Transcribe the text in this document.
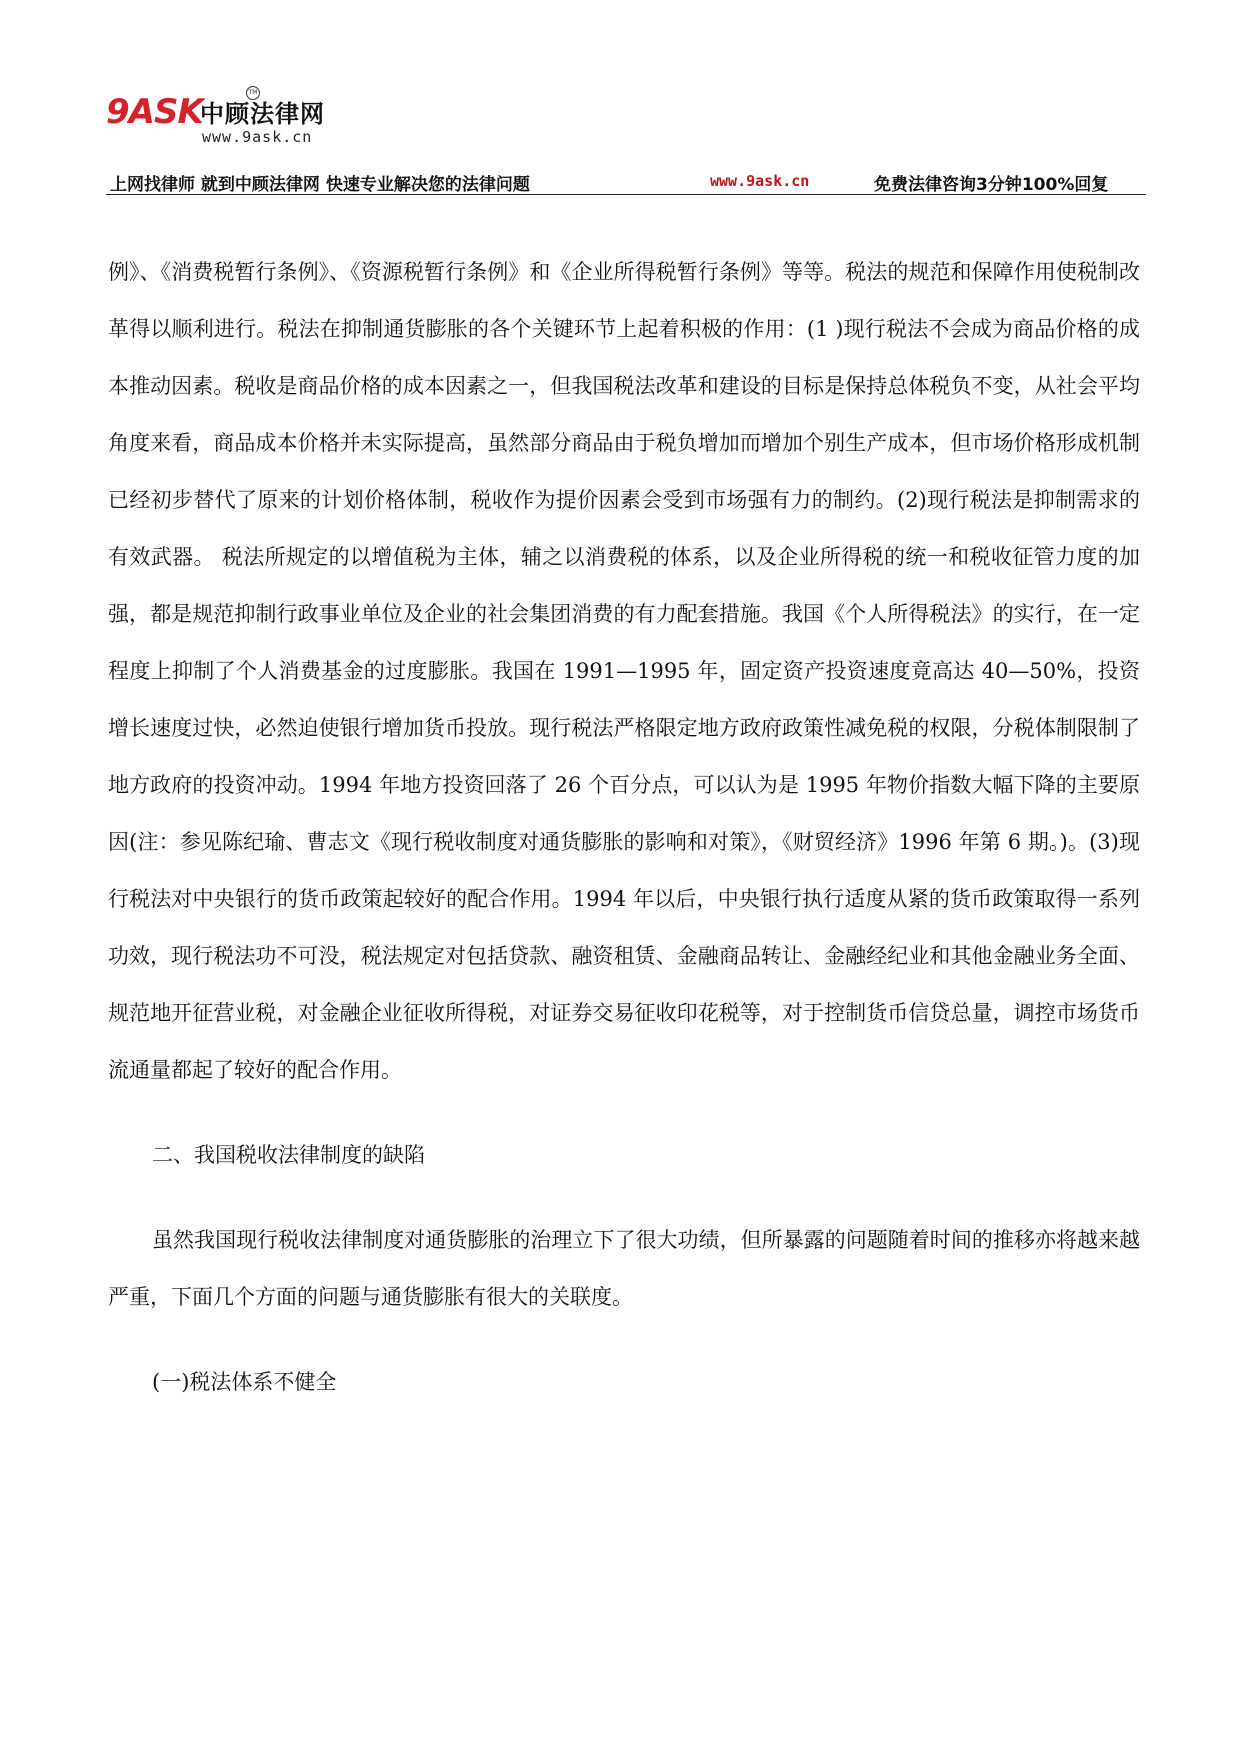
9ASK
中顾法律网
TM
www.9ask.cn
上网找律师 就到中顾法律网 快速专业解决您的法律问题	www.9ask.cn	免费法律咨询3分钟100%回复

例》、《消费税暂行条例》、《资源税暂行条例》和《企业所得税暂行条例》等等。税法的规范和保障作用使税制改革得以顺利进行。税法在抑制通货膨胀的各个关键环节上起着积极的作用：(1 )现行税法不会成为商品价格的成本推动因素。税收是商品价格的成本因素之一，但我国税法改革和建设的目标是保持总体税负不变，从社会平均角度来看，商品成本价格并未实际提高，虽然部分商品由于税负增加而增加个别生产成本，但市场价格形成机制已经初步替代了原来的计划价格体制，税收作为提价因素会受到市场强有力的制约。(2)现行税法是抑制需求的有效武器。 税法所规定的以增值税为主体，辅之以消费税的体系，以及企业所得税的统一和税收征管力度的加强，都是规范抑制行政事业单位及企业的社会集团消费的有力配套措施。我国《个人所得税法》的实行，在一定程度上抑制了个人消费基金的过度膨胀。我国在 1991—1995 年，固定资产投资速度竟高达 40—50%，投资增长速度过快，必然迫使银行增加货币投放。现行税法严格限定地方政府政策性减免税的权限，分税体制限制了地方政府的投资冲动。1994 年地方投资回落了 26 个百分点，可以认为是 1995 年物价指数大幅下降的主要原因(注：参见陈纪瑜、曹志文《现行税收制度对通货膨胀的影响和对策》，《财贸经济》1996 年第 6 期。)。(3)现行税法对中央银行的货币政策起较好的配合作用。1994 年以后，中央银行执行适度从紧的货币政策取得一系列功效，现行税法功不可没，税法规定对包括贷款、融资租赁、金融商品转让、金融经纪业和其他金融业务全面、规范地开征营业税，对金融企业征收所得税，对证券交易征收印花税等，对于控制货币信贷总量，调控市场货币流通量都起了较好的配合作用。

二、我国税收法律制度的缺陷

虽然我国现行税收法律制度对通货膨胀的治理立下了很大功绩，但所暴露的问题随着时间的推移亦将越来越严重，下面几个方面的问题与通货膨胀有很大的关联度。

(一)税法体系不健全
